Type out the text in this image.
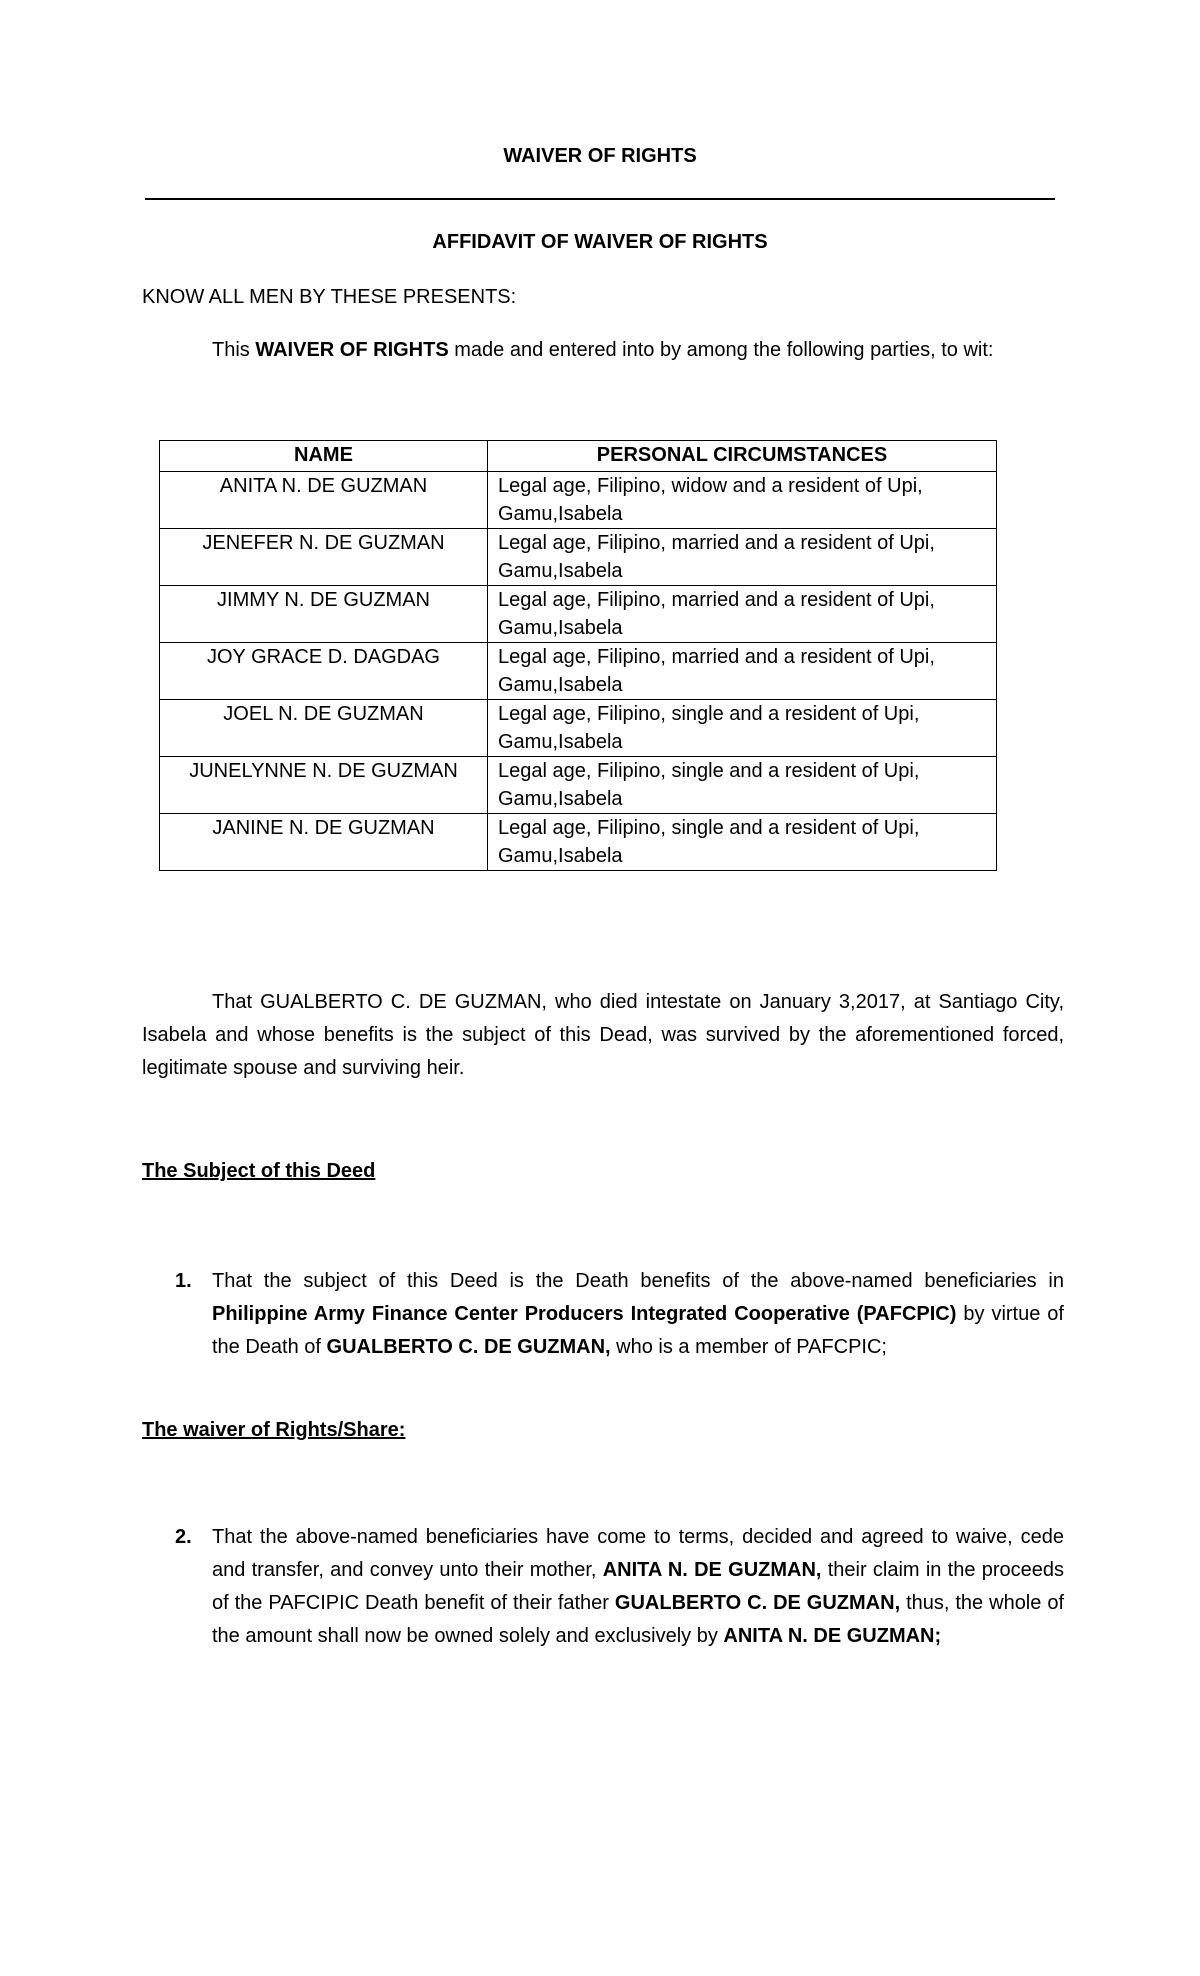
WAIVER OF RIGHTS
AFFIDAVIT OF WAIVER OF RIGHTS
KNOW ALL MEN BY THESE PRESENTS:
This WAIVER OF RIGHTS made and entered into by among the following parties, to wit:
NAME	PERSONAL CIRCUMSTANCES
ANITA N. DE GUZMAN	Legal age, Filipino, widow and a resident of Upi, Gamu,Isabela
JENEFER N. DE GUZMAN	Legal age, Filipino, married and a resident of Upi, Gamu,Isabela
JIMMY N. DE GUZMAN	Legal age, Filipino, married and a resident of Upi, Gamu,Isabela
JOY GRACE D. DAGDAG	Legal age, Filipino, married and a resident of Upi, Gamu,Isabela
JOEL N. DE GUZMAN	Legal age, Filipino, single and a resident of Upi, Gamu,Isabela
JUNELYNNE N. DE GUZMAN	Legal age, Filipino, single and a resident of Upi, Gamu,Isabela
JANINE N. DE GUZMAN	Legal age, Filipino, single and a resident of Upi, Gamu,Isabela
That GUALBERTO C. DE GUZMAN, who died intestate on January 3,2017, at Santiago City, Isabela and whose benefits is the subject of this Dead, was survived by the aforementioned forced, legitimate spouse and surviving heir.
The Subject of this Deed
1. That the subject of this Deed is the Death benefits of the above-named beneficiaries in Philippine Army Finance Center Producers Integrated Cooperative (PAFCPIC) by virtue of the Death of GUALBERTO C. DE GUZMAN, who is a member of PAFCPIC;
The waiver of Rights/Share:
2. That the above-named beneficiaries have come to terms, decided and agreed to waive, cede and transfer, and convey unto their mother, ANITA N. DE GUZMAN, their claim in the proceeds of the PAFCIPIC Death benefit of their father GUALBERTO C. DE GUZMAN, thus, the whole of the amount shall now be owned solely and exclusively by ANITA N. DE GUZMAN;
